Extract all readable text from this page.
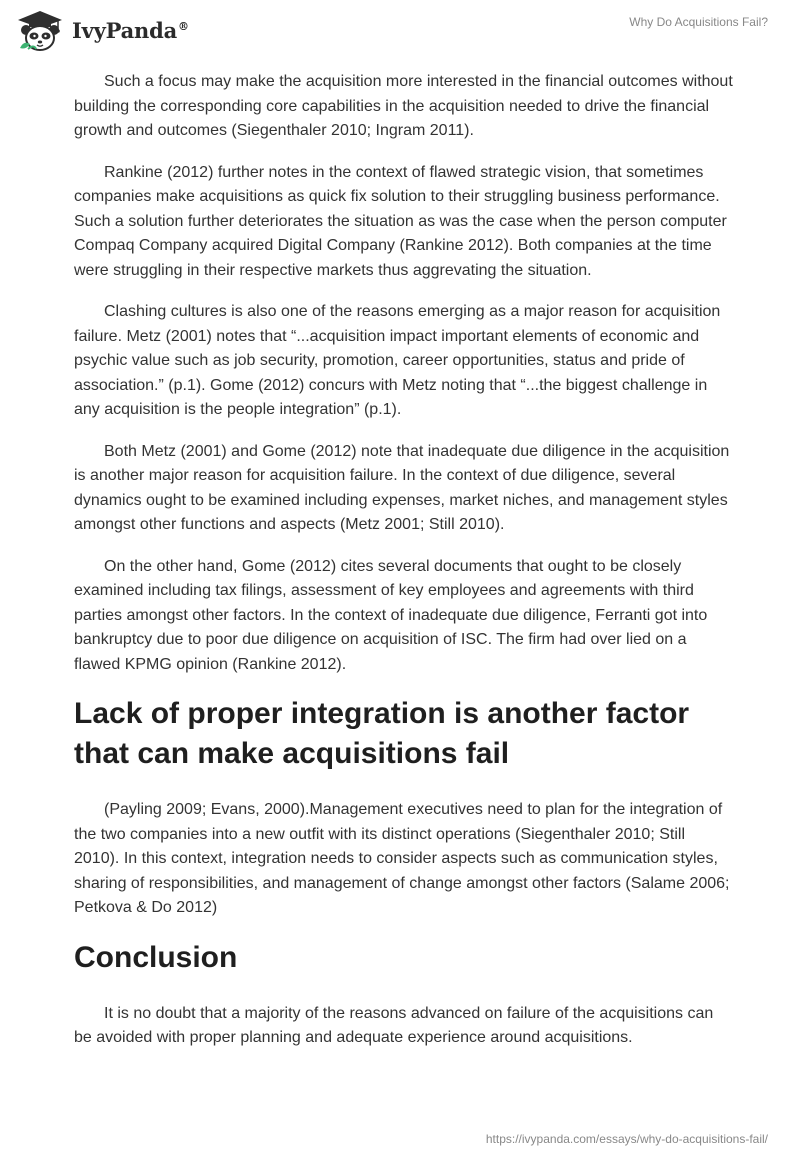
IvyPanda®	Why Do Acquisitions Fail?

Such a focus may make the acquisition more interested in the financial outcomes without building the corresponding core capabilities in the acquisition needed to drive the financial growth and outcomes (Siegenthaler 2010; Ingram 2011).

Rankine (2012) further notes in the context of flawed strategic vision, that sometimes companies make acquisitions as quick fix solution to their struggling business performance. Such a solution further deteriorates the situation as was the case when the person computer Compaq Company acquired Digital Company (Rankine 2012). Both companies at the time were struggling in their respective markets thus aggrevating the situation.

Clashing cultures is also one of the reasons emerging as a major reason for acquisition failure. Metz (2001) notes that “...acquisition impact important elements of economic and psychic value such as job security, promotion, career opportunities, status and pride of association.” (p.1). Gome (2012) concurs with Metz noting that “...the biggest challenge in any acquisition is the people integration” (p.1).

Both Metz (2001) and Gome (2012) note that inadequate due diligence in the acquisition is another major reason for acquisition failure. In the context of due diligence, several dynamics ought to be examined including expenses, market niches, and management styles amongst other functions and aspects (Metz 2001; Still 2010).

On the other hand, Gome (2012) cites several documents that ought to be closely examined including tax filings, assessment of key employees and agreements with third parties amongst other factors. In the context of inadequate due diligence, Ferranti got into bankruptcy due to poor due diligence on acquisition of ISC. The firm had over lied on a flawed KPMG opinion (Rankine 2012).

Lack of proper integration is another factor that can make acquisitions fail

(Payling 2009; Evans, 2000).Management executives need to plan for the integration of the two companies into a new outfit with its distinct operations (Siegenthaler 2010; Still 2010). In this context, integration needs to consider aspects such as communication styles, sharing of responsibilities, and management of change amongst other factors (Salame 2006; Petkova & Do 2012)

Conclusion

It is no doubt that a majority of the reasons advanced on failure of the acquisitions can be avoided with proper planning and adequate experience around acquisitions.

https://ivypanda.com/essays/why-do-acquisitions-fail/
